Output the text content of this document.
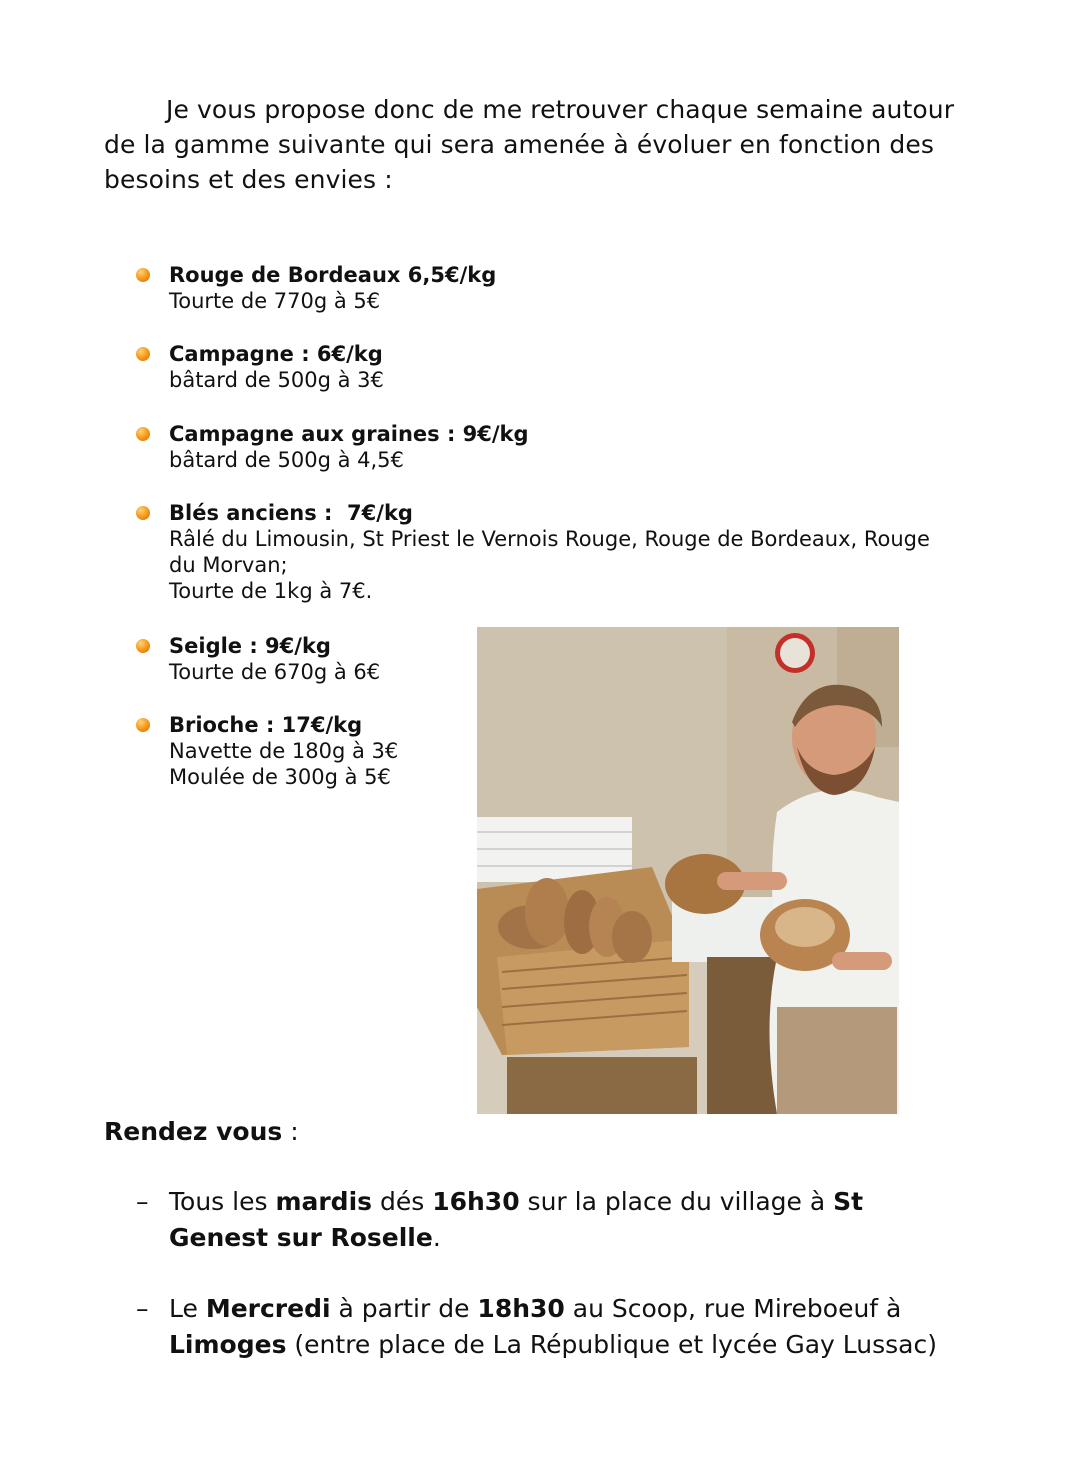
Je vous propose donc de me retrouver chaque semaine autour de la gamme suivante qui sera amenée à évoluer en fonction des besoins et des envies :

Rouge de Bordeaux 6,5€/kg
Tourte de 770g à 5€
Campagne : 6€/kg
bâtard de 500g à 3€
Campagne aux graines : 9€/kg
bâtard de 500g à 4,5€
Blés anciens :  7€/kg
Râlé du Limousin, St Priest le Vernois Rouge, Rouge de Bordeaux, Rouge
du Morvan;
Tourte de 1kg à 7€.
Seigle : 9€/kg
Tourte de 670g à 6€
Brioche : 17€/kg
Navette de 180g à 3€
Moulée de 300g à 5€

Rendez vous :

– Tous les mardis dés 16h30 sur la place du village à St Genest sur Roselle.
– Le Mercredi à partir de 18h30 au Scoop, rue Mireboeuf à Limoges (entre place de La République et lycée Gay Lussac)
